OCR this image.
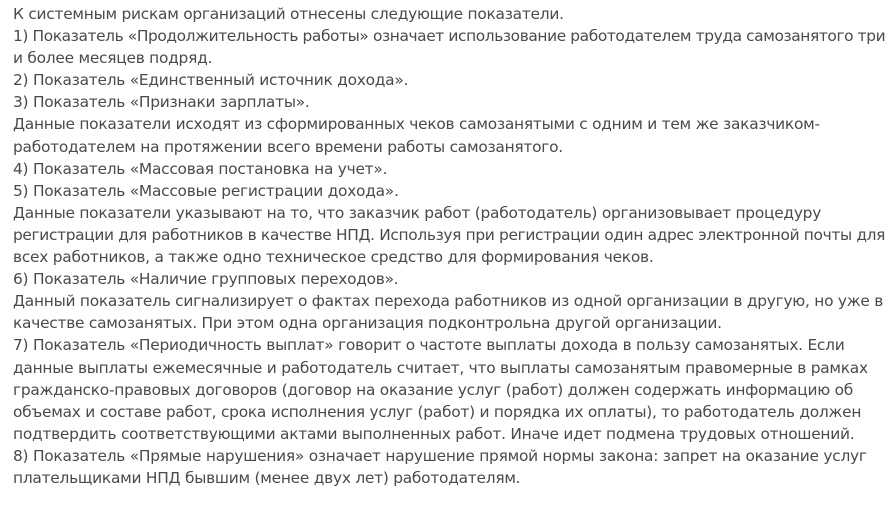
К системным рискам организаций отнесены следующие показатели.
1) Показатель «Продолжительность работы» означает использование работодателем труда самозанятого три
и более месяцев подряд.
2) Показатель «Единственный источник дохода».
3) Показатель «Признаки зарплаты».
Данные показатели исходят из сформированных чеков самозанятыми с одним и тем же заказчиком-
работодателем на протяжении всего времени работы самозанятого.
4) Показатель «Массовая постановка на учет».
5) Показатель «Массовые регистрации дохода».
Данные показатели указывают на то, что заказчик работ (работодатель) организовывает процедуру
регистрации для работников в качестве НПД. Используя при регистрации один адрес электронной почты для
всех работников, а также одно техническое средство для формирования чеков.
6) Показатель «Наличие групповых переходов».
Данный показатель сигнализирует о фактах перехода работников из одной организации в другую, но уже в
качестве самозанятых. При этом одна организация подконтрольна другой организации.
7) Показатель «Периодичность выплат» говорит о частоте выплаты дохода в пользу самозанятых. Если
данные выплаты ежемесячные и работодатель считает, что выплаты самозанятым правомерные в рамках
гражданско-правовых договоров (договор на оказание услуг (работ) должен содержать информацию об
объемах и составе работ, срока исполнения услуг (работ) и порядка их оплаты), то работодатель должен
подтвердить соответствующими актами выполненных работ. Иначе идет подмена трудовых отношений.
8) Показатель «Прямые нарушения» означает нарушение прямой нормы закона: запрет на оказание услуг
плательщиками НПД бывшим (менее двух лет) работодателям.
